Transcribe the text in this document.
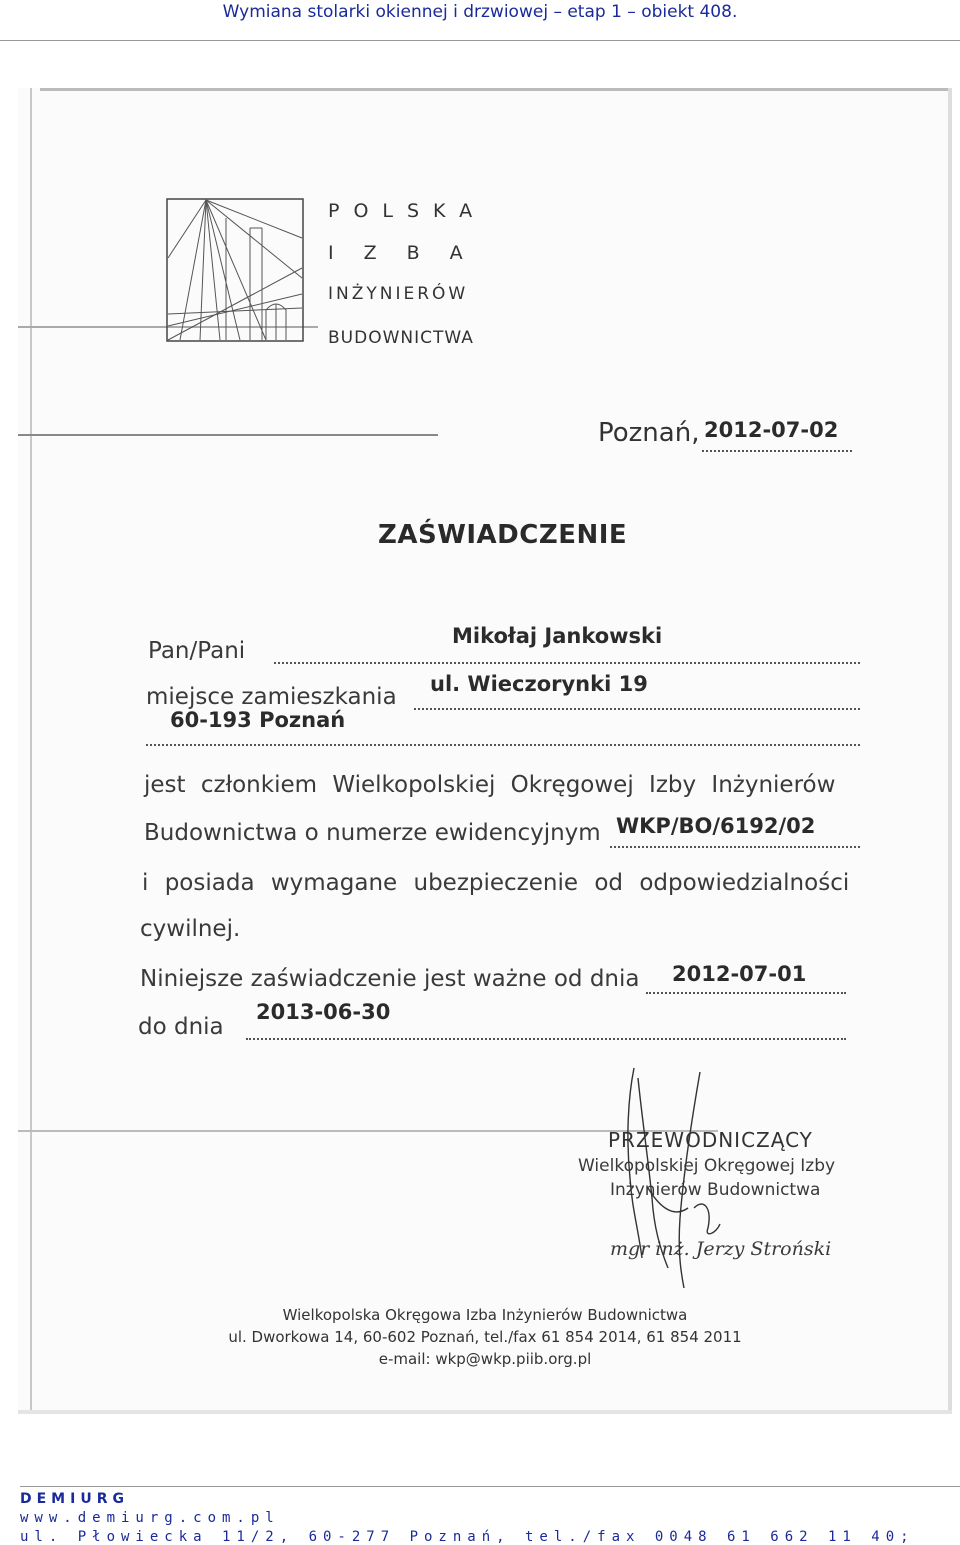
Wymiana stolarki okiennej i drzwiowej – etap 1 – obiekt 408.
POLSKA
IZBA
INŻYNIERÓW
BUDOWNICTWA
Poznań, 2012-07-02
ZAŚWIADCZENIE
Pan/Pani
Mikołaj Jankowski
miejsce zamieszkania ul. Wieczorynki 19
60-193 Poznań
jest członkiem Wielkopolskiej Okręgowej Izby Inżynierów
Budownictwa o numerze ewidencyjnym WKP/BO/6192/02
i posiada wymagane ubezpieczenie od odpowiedzialności
cywilnej.
Niniejsze zaświadczenie jest ważne od dnia 2012-07-01
do dnia
2013-06-30
PRZEWODNICZĄCY
Wielkopolskiej Okręgowej Izby
Inżynierów Budownictwa
mgr inż. Jerzy Stroński
Wielkopolska Okręgowa Izba Inżynierów Budownictwa
ul. Dworkowa 14, 60-602 Poznań, tel./fax 61 854 2014, 61 854 2011
e-mail: wkp@wkp.piib.org.pl
DEMIURG
www.demiurg.com.pl
ul. Płowiecka 11/2, 60-277 Poznań, tel./fax 0048 61 662 11 40;
